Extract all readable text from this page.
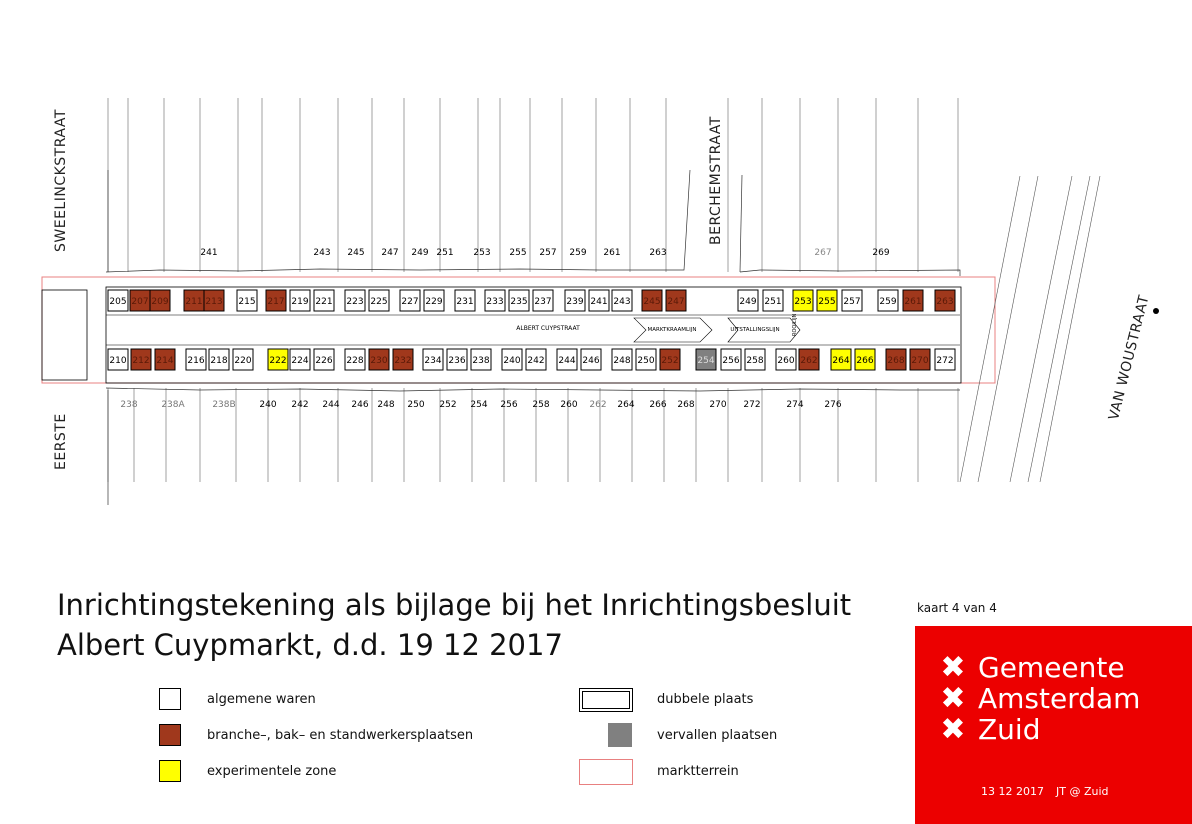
ALBERT CUYPSTRAAT	MARKTKRAAMLIJN	UITSTALLINGSLIJN ROOILIJN
205 207 209 211 213 215 217 219 221 223 225 227 229 231 233 235 237 239 241 243 245 247	249 251 253 255 257 259 261 263
210 212 214 216 218 220 222 224 226 228 230 232 234 236 238 240 242 244 246 248 250 252 254 256 258 260 262 264 266 268 270 272
241	243 245 247 249 251 253 255 257 259 261	263	267	269
238	238A	238B	240 242 244 246 248 250 252 254 256 258 260 262 264 266 268 270 272	274 276
SWEELINCKSTRAAT	BERCHEMSTRAAT
VAN WOUSTRAAT
EERSTE
Inrichtingstekening als bijlage bij het Inrichtingsbesluit
Albert Cuypmarkt, d.d. 19 12 2017
algemene waren
branche–, bak– en standwerkersplaatsen
experimentele zone
dubbele plaats
vervallen plaatsen
marktterrein
kaart 4 van 4
✖ Gemeente
✖ Amsterdam
✖ Zuid
13 12 2017 JT @ Zuid
